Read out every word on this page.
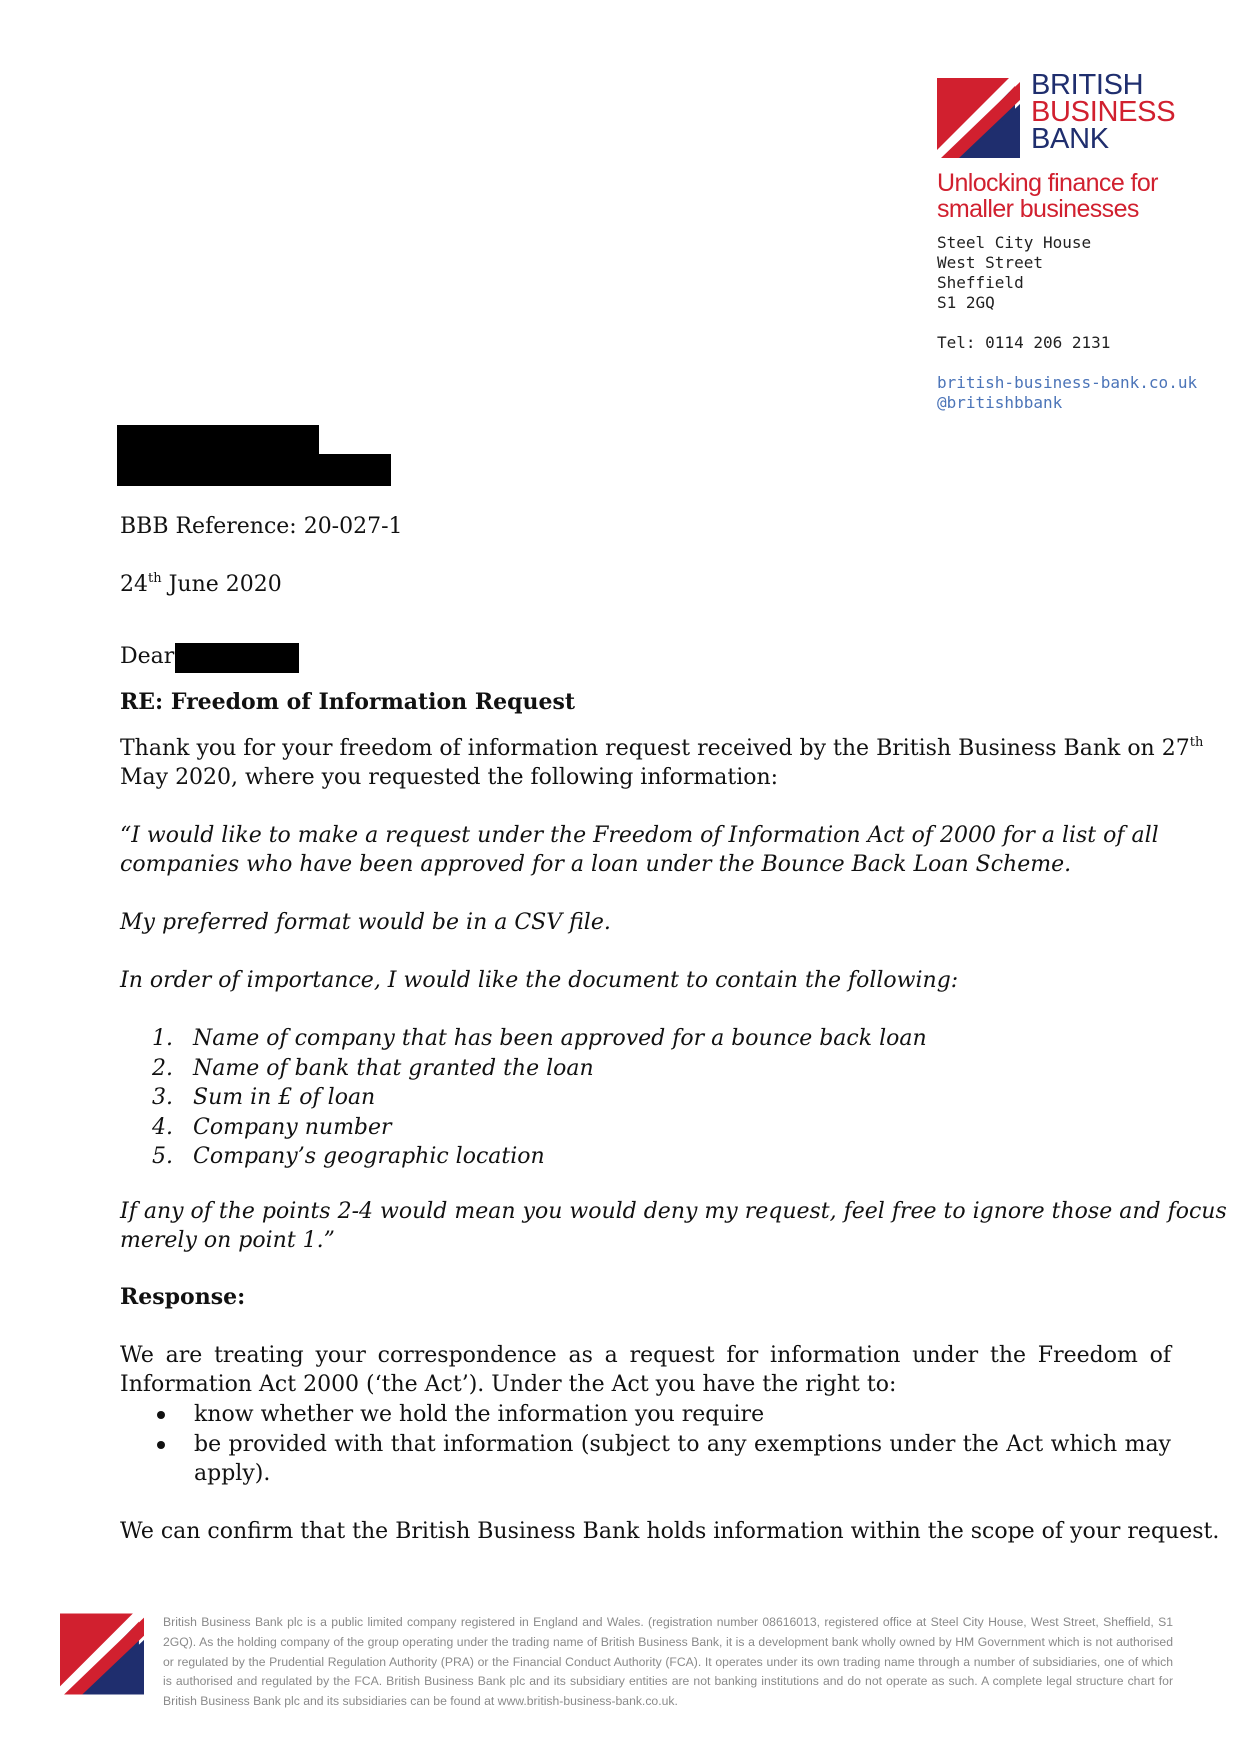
BRITISH
BUSINESS
BANK
Unlocking finance for
smaller businesses
Steel City House
West Street
Sheffield
S1 2GQ
Tel: 0114 206 2131
british-business-bank.co.uk
@britishbbank
BBB Reference: 20-027-1
24th June 2020
Dear
RE: Freedom of Information Request
Thank you for your freedom of information request received by the British Business Bank on 27th
May 2020, where you requested the following information:
“I would like to make a request under the Freedom of Information Act of 2000 for a list of all
companies who have been approved for a loan under the Bounce Back Loan Scheme.
My preferred format would be in a CSV file.
In order of importance, I would like the document to contain the following:
1. Name of company that has been approved for a bounce back loan
2. Name of bank that granted the loan
3. Sum in £ of loan
4. Company number
5. Company’s geographic location
If any of the points 2-4 would mean you would deny my request, feel free to ignore those and focus
merely on point 1.”
Response:
We are treating your correspondence as a request for information under the Freedom of Information Act 2000 (‘the Act’). Under the Act you have the right to:
know whether we hold the information you require
be provided with that information (subject to any exemptions under the Act which may apply).
We can confirm that the British Business Bank holds information within the scope of your request.
British Business Bank plc is a public limited company registered in England and Wales. (registration number 08616013, registered office at Steel City House, West Street, Sheffield, S1 2GQ). As the holding company of the group operating under the trading name of British Business Bank, it is a development bank wholly owned by HM Government which is not authorised or regulated by the Prudential Regulation Authority (PRA) or the Financial Conduct Authority (FCA). It operates under its own trading name through a number of subsidiaries, one of which is authorised and regulated by the FCA. British Business Bank plc and its subsidiary entities are not banking institutions and do not operate as such. A complete legal structure chart for British Business Bank plc and its subsidiaries can be found at www.british-business-bank.co.uk.
